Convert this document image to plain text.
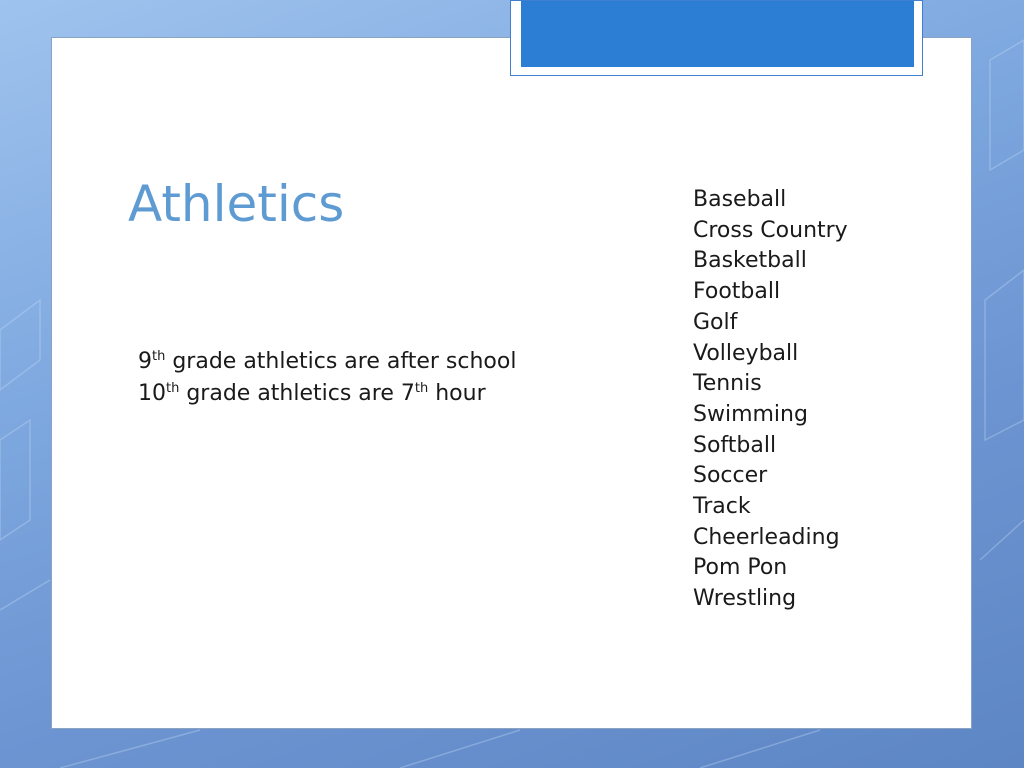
Athletics
9th grade athletics are after school
10th grade athletics are 7th hour
Baseball
Cross Country
Basketball
Football
Golf
Volleyball
Tennis
Swimming
Softball
Soccer
Track
Cheerleading
Pom Pon
Wrestling
